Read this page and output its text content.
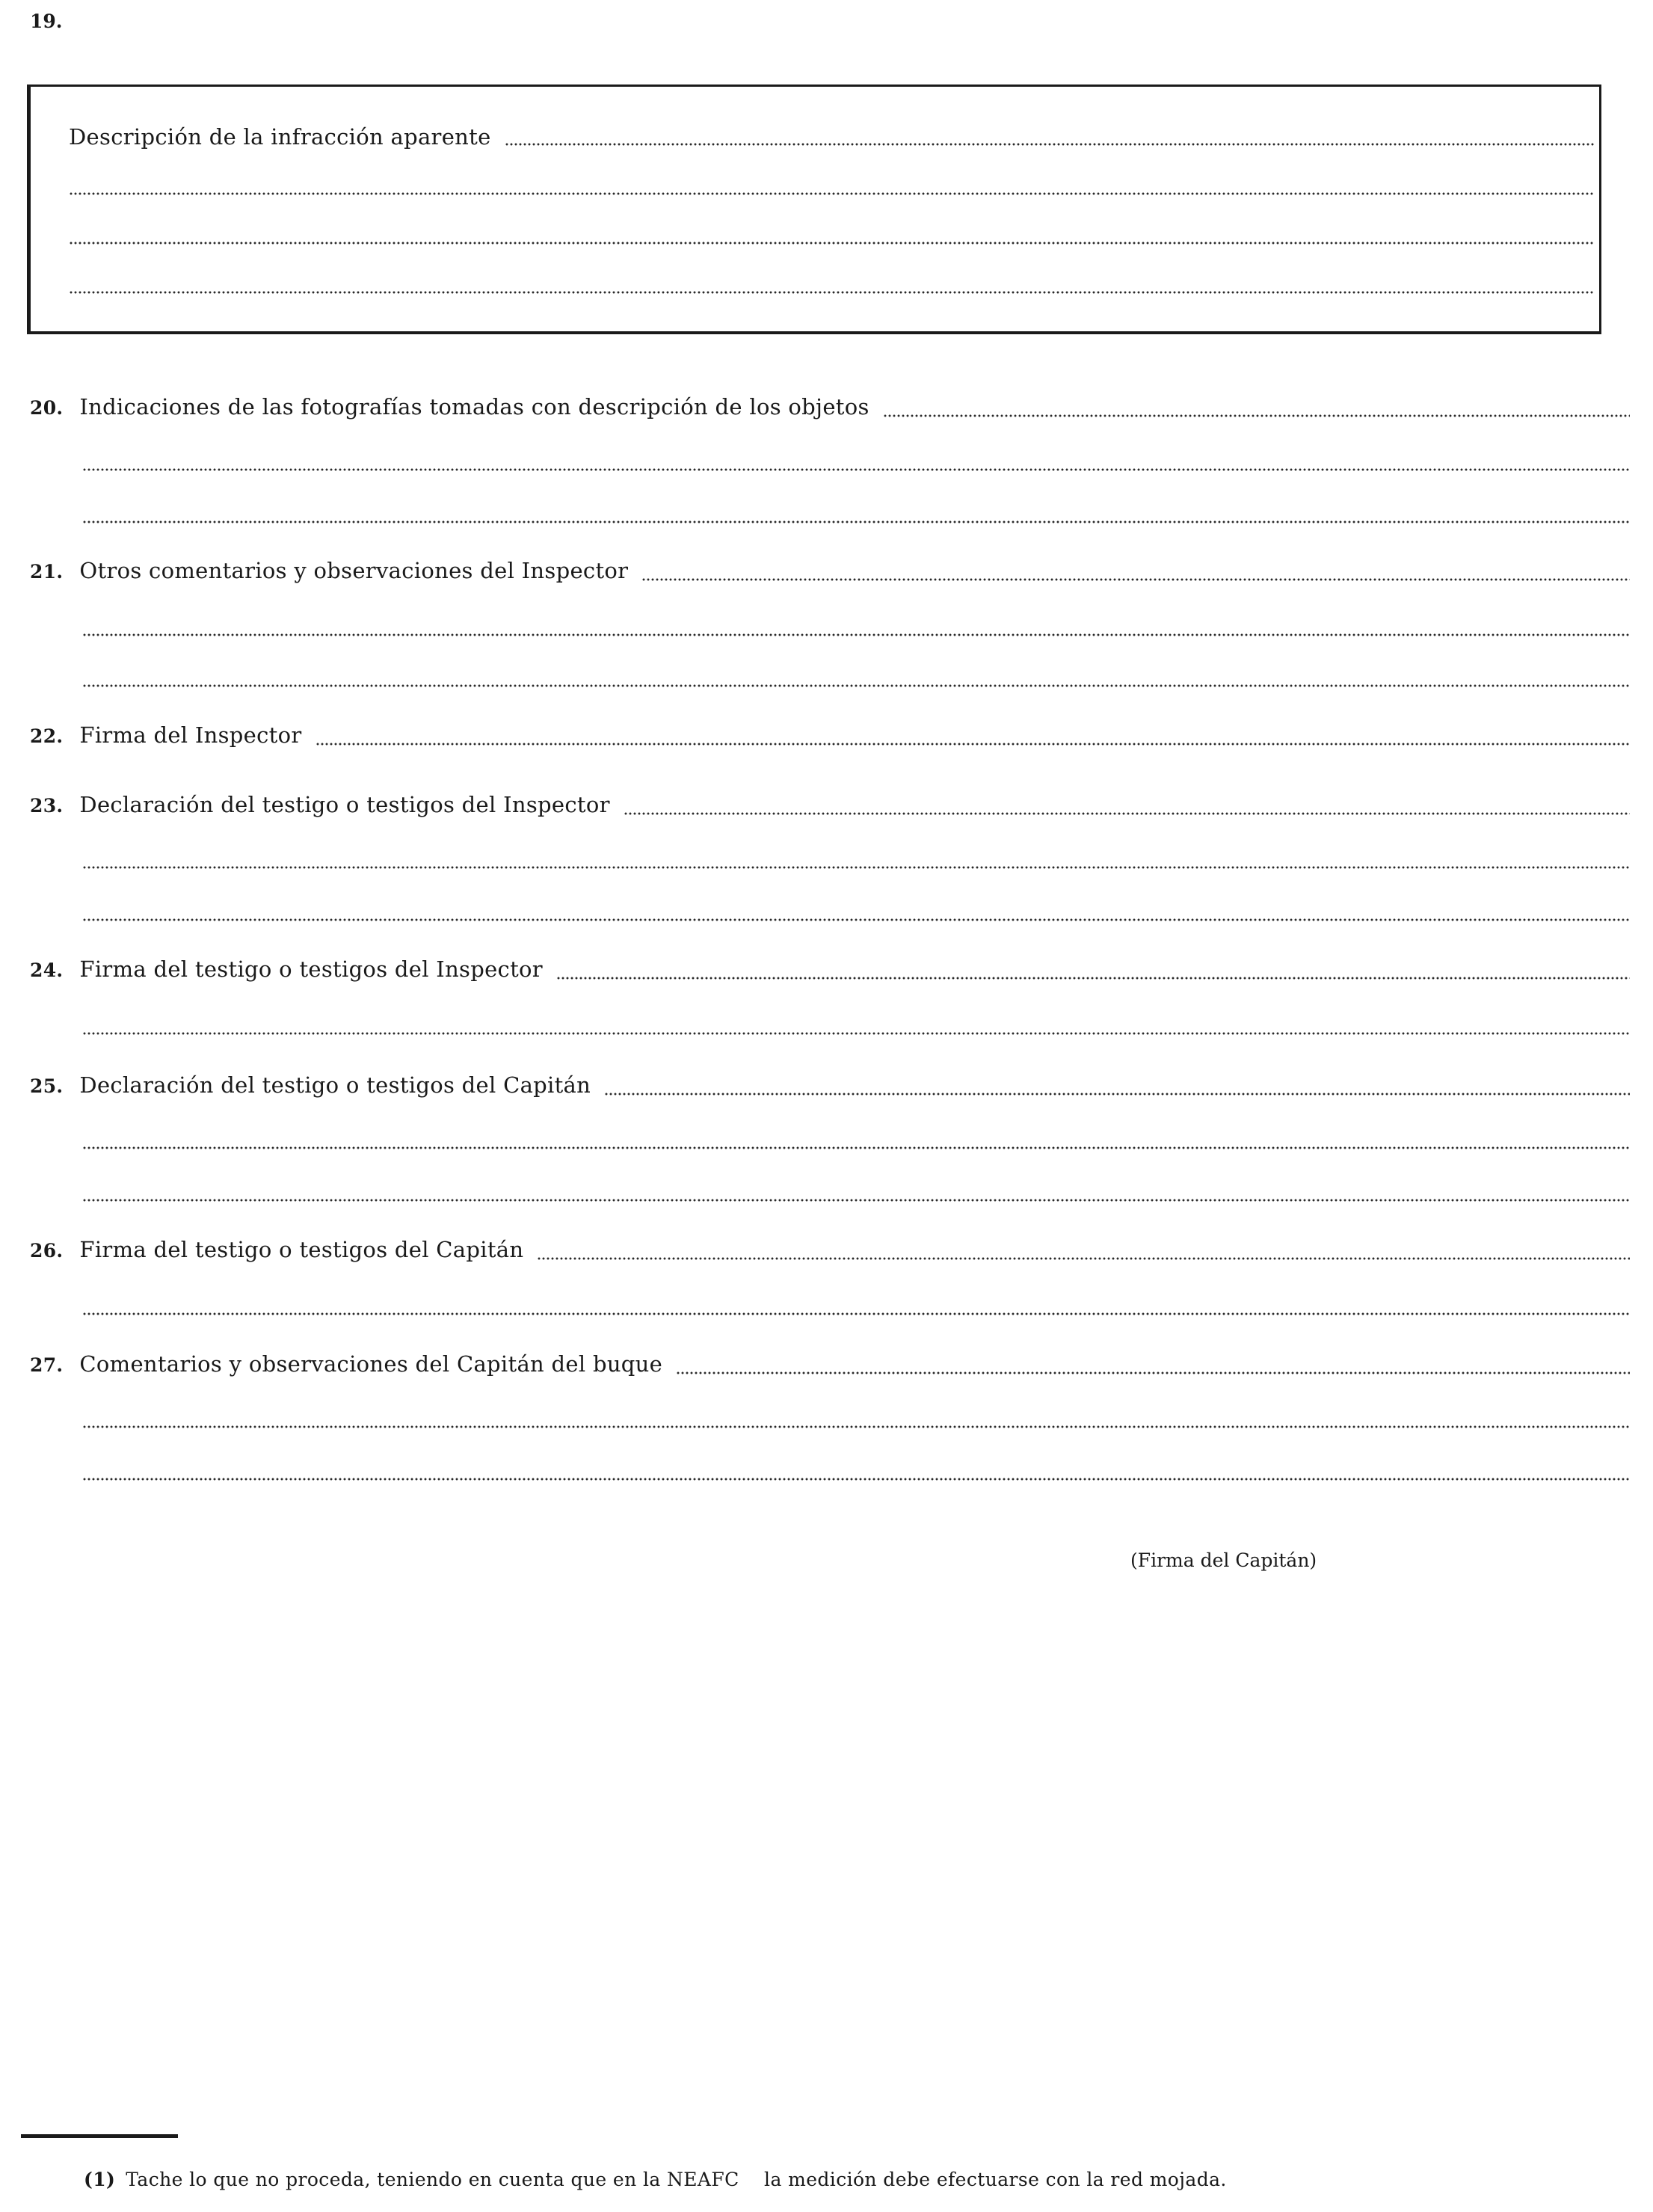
19.
Descripción de la infracción aparente
20. Indicaciones de las fotografías tomadas con descripción de los objetos
21. Otros comentarios y observaciones del Inspector
22. Firma del Inspector
23. Declaración del testigo o testigos del Inspector
24. Firma del testigo o testigos del Inspector
25. Declaración del testigo o testigos del Capitán
26. Firma del testigo o testigos del Capitán
27. Comentarios y observaciones del Capitán del buque
(Firma del Capitán)
(1) Tache lo que no proceda, teniendo en cuenta que en la NEAFC    la medición debe efectuarse con la red mojada.
